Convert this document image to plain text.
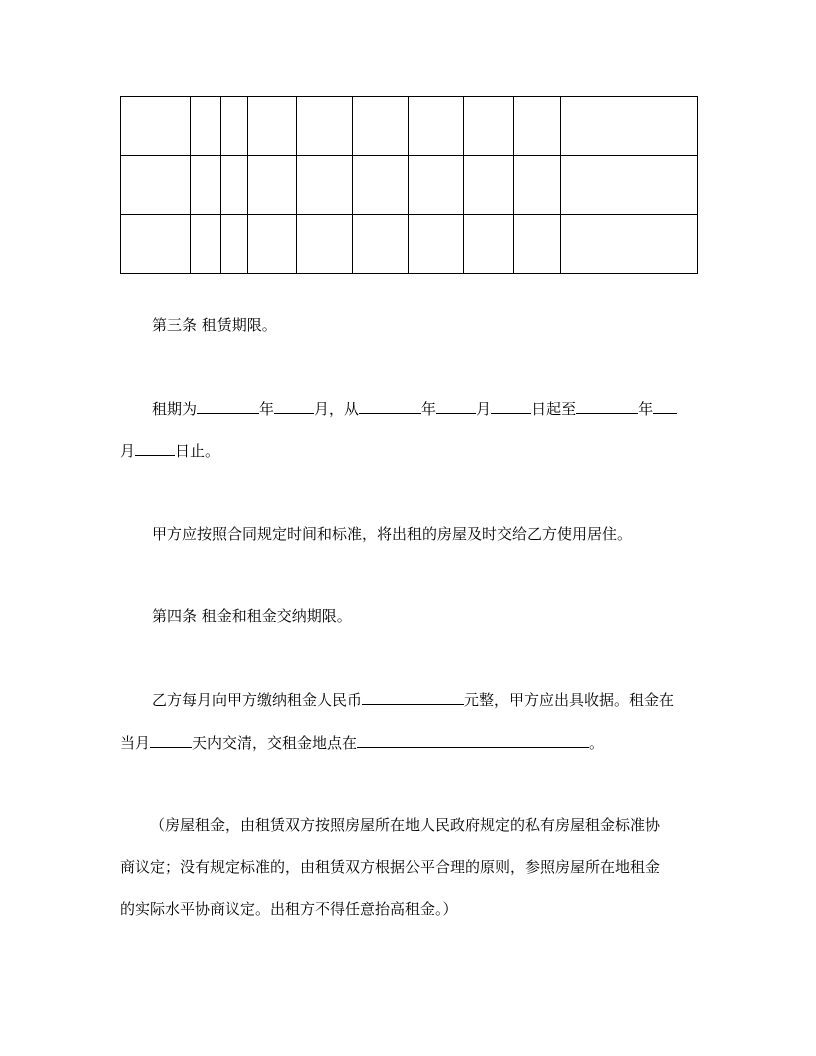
第三条 租赁期限。
租期为	年	月，从	年	月	日起至	年
月	日止。
甲方应按照合同规定时间和标准，将出租的房屋及时交给乙方使用居住。
第四条 租金和租金交纳期限。
乙方每月向甲方缴纳租金人民币	元整，甲方应出具收据。租金在
当月	天内交清，交租金地点在	。
（房屋租金，由租赁双方按照房屋所在地人民政府规定的私有房屋租金标准协
商议定；没有规定标准的，由租赁双方根据公平合理的原则，参照房屋所在地租金
的实际水平协商议定。出租方不得任意抬高租金。）
